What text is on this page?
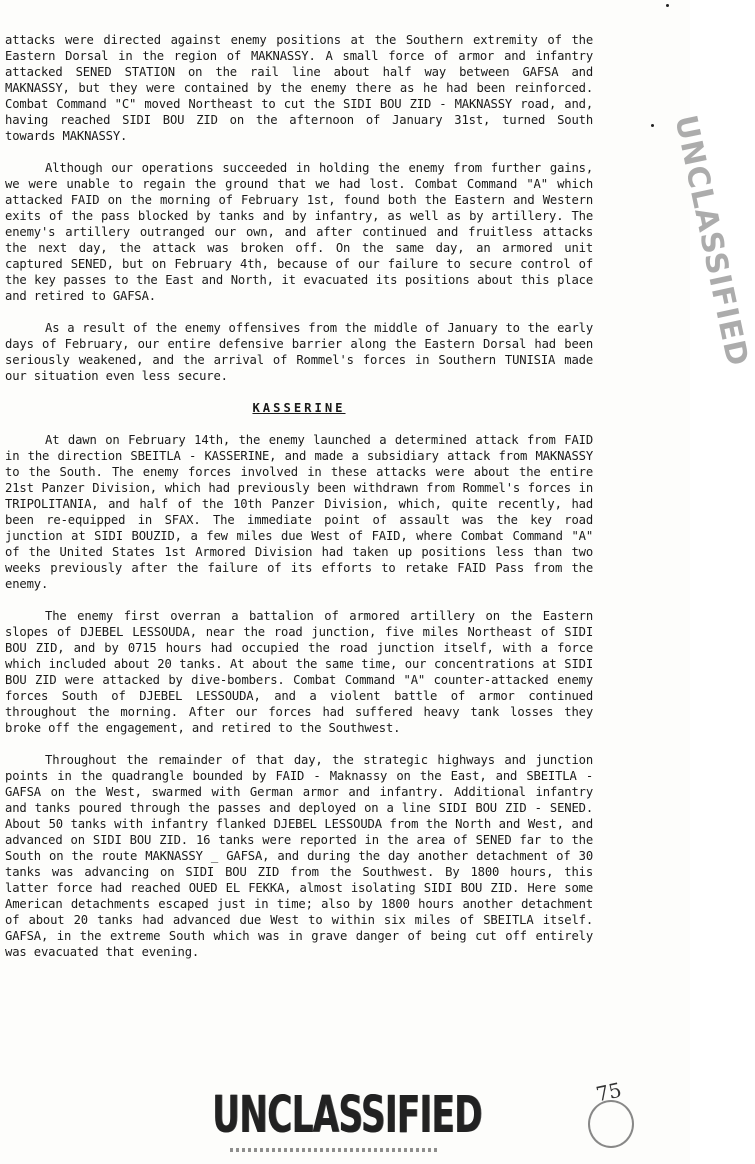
attacks were directed against enemy positions at the Southern extremity of the Eastern Dorsal in the region of MAKNASSY. A small force of armor and infantry attacked SENED STATION on the rail line about half way between GAFSA and MAKNASSY, but they were contained by the enemy there as he had been reinforced. Combat Command "C" moved Northeast to cut the SIDI BOU ZID - MAKNASSY road, and, having reached SIDI BOU ZID on the afternoon of January 31st, turned South towards MAKNASSY.

Although our operations succeeded in holding the enemy from further gains, we were unable to regain the ground that we had lost. Combat Command "A" which attacked FAID on the morning of February 1st, found both the Eastern and Western exits of the pass blocked by tanks and by infantry, as well as by artillery. The enemy's artillery outranged our own, and after continued and fruitless attacks the next day, the attack was broken off. On the same day, an armored unit captured SENED, but on February 4th, because of our failure to secure control of the key passes to the East and North, it evacuated its positions about this place and retired to GAFSA.

As a result of the enemy offensives from the middle of January to the early days of February, our entire defensive barrier along the Eastern Dorsal had been seriously weakened, and the arrival of Rommel's forces in Southern TUNISIA made our situation even less secure.

KASSERINE

At dawn on February 14th, the enemy launched a determined attack from FAID in the direction SBEITLA - KASSERINE, and made a subsidiary attack from MAKNASSY to the South. The enemy forces involved in these attacks were about the entire 21st Panzer Division, which had previously been withdrawn from Rommel's forces in TRIPOLITANIA, and half of the 10th Panzer Division, which, quite recently, had been re-equipped in SFAX. The immediate point of assault was the key road junction at SIDI BOUZID, a few miles due West of FAID, where Combat Command "A" of the United States 1st Armored Division had taken up positions less than two weeks previously after the failure of its efforts to retake FAID Pass from the enemy.

The enemy first overran a battalion of armored artillery on the Eastern slopes of DJEBEL LESSOUDA, near the road junction, five miles Northeast of SIDI BOU ZID, and by 0715 hours had occupied the road junction itself, with a force which included about 20 tanks. At about the same time, our concentrations at SIDI BOU ZID were attacked by dive-bombers. Combat Command "A" counter-attacked enemy forces South of DJEBEL LESSOUDA, and a violent battle of armor continued throughout the morning. After our forces had suffered heavy tank losses they broke off the engagement, and retired to the Southwest.

Throughout the remainder of that day, the strategic highways and junction points in the quadrangle bounded by FAID - Maknassy on the East, and SBEITLA - GAFSA on the West, swarmed with German armor and infantry. Additional infantry and tanks poured through the passes and deployed on a line SIDI BOU ZID - SENED. About 50 tanks with infantry flanked DJEBEL LESSOUDA from the North and West, and advanced on SIDI BOU ZID. 16 tanks were reported in the area of SENED far to the South on the route MAKNASSY _ GAFSA, and during the day another detachment of 30 tanks was advancing on SIDI BOU ZID from the Southwest. By 1800 hours, this latter force had reached OUED EL FEKKA, almost isolating SIDI BOU ZID. Here some American detachments escaped just in time; also by 1800 hours another detachment of about 20 tanks had advanced due West to within six miles of SBEITLA itself. GAFSA, in the extreme South which was in grave danger of being cut off entirely was evacuated that evening.

UNCLASSIFIED
UNCLASSIFIED	75
